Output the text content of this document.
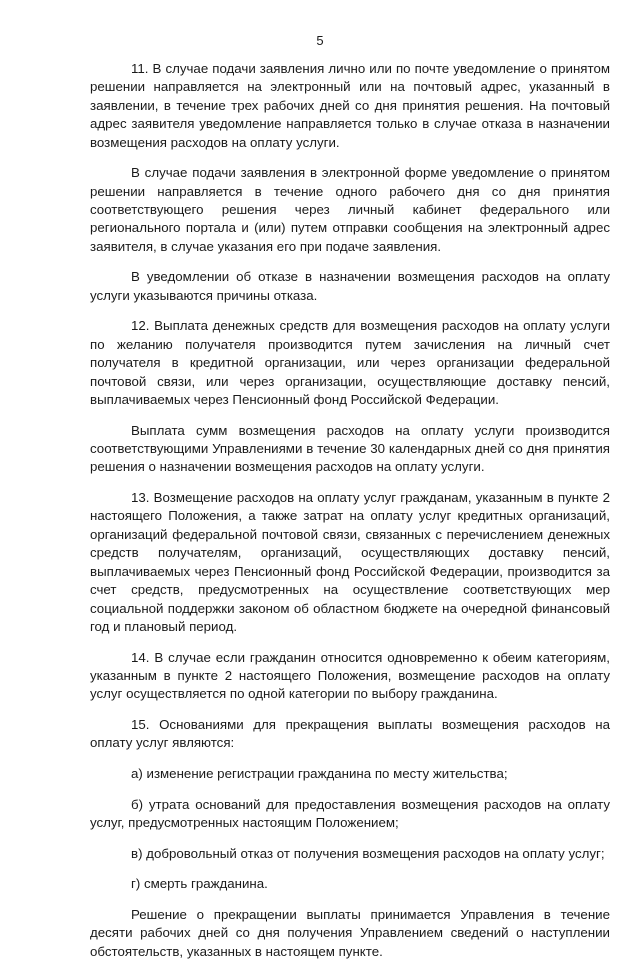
5

11. В случае подачи заявления лично или по почте уведомление о принятом решении направляется на электронный или на почтовый адрес, указанный в заявлении, в течение трех рабочих дней со дня принятия решения. На почтовый адрес заявителя уведомление направляется только в случае отказа в назначении возмещения расходов на оплату услуги.

В случае подачи заявления в электронной форме уведомление о принятом решении направляется в течение одного рабочего дня со дня принятия соответствующего решения через личный кабинет федерального или регионального портала и (или) путем отправки сообщения на электронный адрес заявителя, в случае указания его при подаче заявления.

В уведомлении об отказе в назначении возмещения расходов на оплату услуги указываются причины отказа.

12. Выплата денежных средств для возмещения расходов на оплату услуги по желанию получателя производится путем зачисления на личный счет получателя в кредитной организации, или через организации федеральной почтовой связи, или через организации, осуществляющие доставку пенсий, выплачиваемых через Пенсионный фонд Российской Федерации.

Выплата сумм возмещения расходов на оплату услуги производится соответствующими Управлениями в течение 30 календарных дней со дня принятия решения о назначении возмещения расходов на оплату услуги.

13. Возмещение расходов на оплату услуг гражданам, указанным в пункте 2 настоящего Положения, а также затрат на оплату услуг кредитных организаций, организаций федеральной почтовой связи, связанных с перечислением денежных средств получателям, организаций, осуществляющих доставку пенсий, выплачиваемых через Пенсионный фонд Российской Федерации, производится за счет средств, предусмотренных на осуществление соответствующих мер социальной поддержки законом об областном бюджете на очередной финансовый год и плановый период.

14. В случае если гражданин относится одновременно к обеим категориям, указанным в пункте 2 настоящего Положения, возмещение расходов на оплату услуг осуществляется по одной категории по выбору гражданина.

15. Основаниями для прекращения выплаты возмещения расходов на оплату услуг являются:

а) изменение регистрации гражданина по месту жительства;

б) утрата оснований для предоставления возмещения расходов на оплату услуг, предусмотренных настоящим Положением;

в) добровольный отказ от получения возмещения расходов на оплату услуг;

г) смерть гражданина.

Решение о прекращении выплаты принимается Управления в течение десяти рабочих дней со дня получения Управлением сведений о наступлении обстоятельств, указанных в настоящем пункте.
